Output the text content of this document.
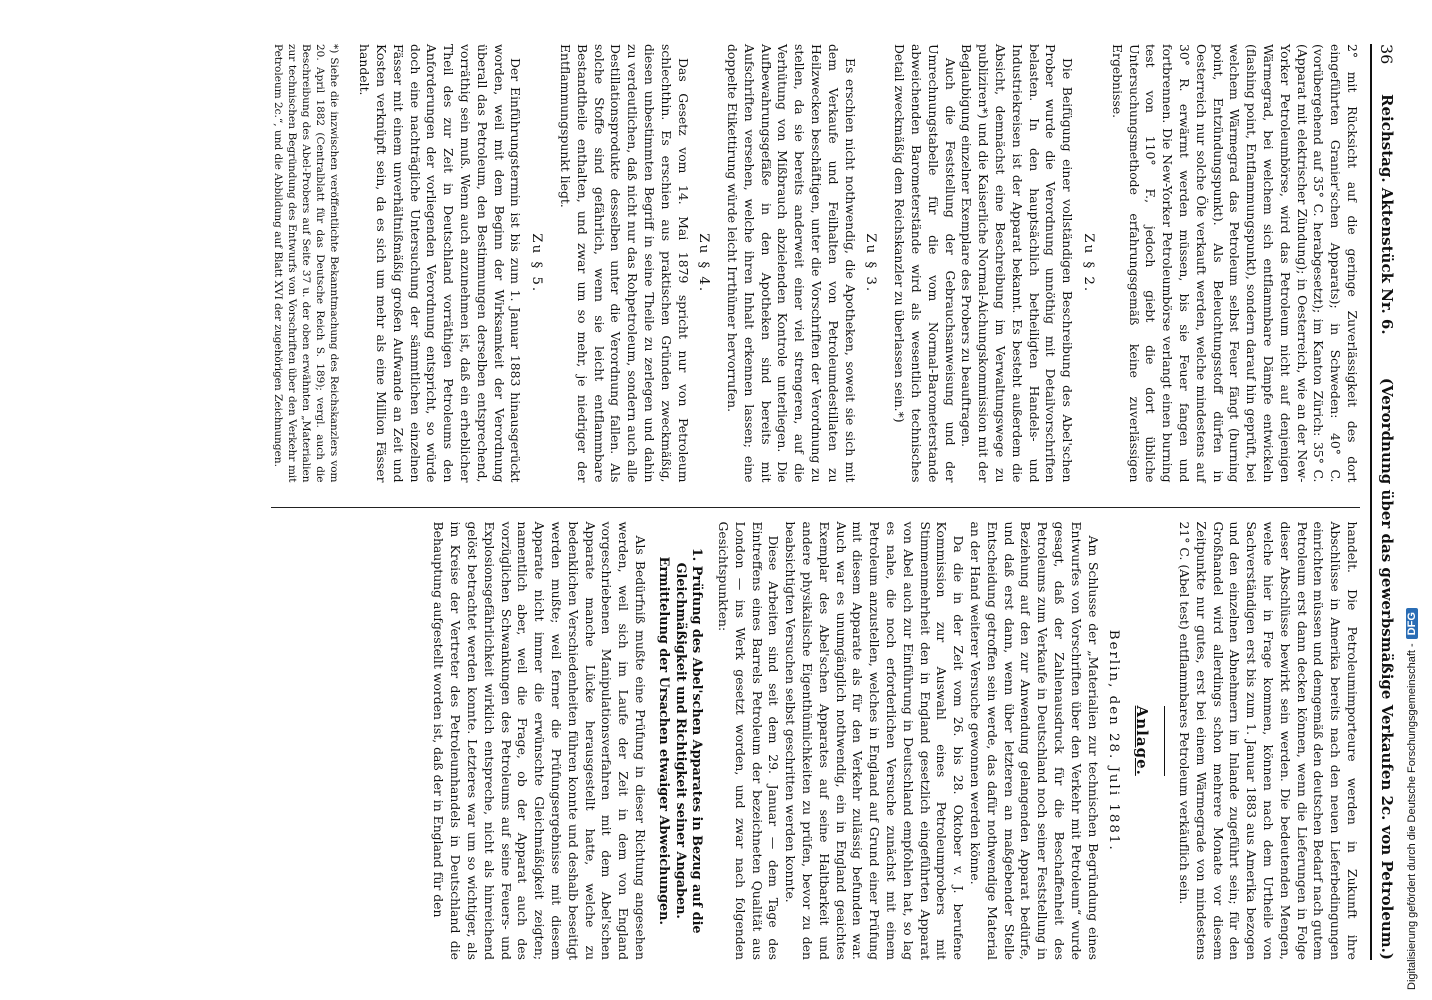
36
Reichstag. Aktenstück Nr. 6.
(Verordnung über das gewerbsmäßige Verkaufen 2c. von Petroleum.)

2° mit Rücksicht auf die geringe Zuverlässigkeit des dort eingeführten Granier'schen Apparats); in Schweden: 40° C. (vorübergehend auf 35° C. herabgesetzt); im Kanton Zürich: 35° C. (Apparat mit elektrischer Zündung); in Oesterreich, wie an der New-Yorker Petroleumbörse, wird das Petroleum nicht auf denjenigen Wärmegrad, bei welchem sich entflammbare Dämpfe entwickeln (flashing point, Entflammungspunkt), sondern darauf hin geprüft, bei welchem Wärmegrad das Petroleum selbst Feuer fängt (burning point, Entzündungspunkt). Als Beleuchtungsstoff dürfen in Oesterreich nur solche Öle verkauft werden, welche mindestens auf 30° R. erwärmt werden müssen, bis sie Feuer fangen und fortbrennen. Die New-Yorker Petroleumbörse verlangt einen burning test von 110° F., jedoch giebt die dort übliche Untersuchungsmethode erfahrungsgemäß keine zuverlässigen Ergebnisse.

Zu § 2.

Die Beifügung einer vollständigen Beschreibung des Abel'schen Prober wurde die Verordnung unnöthig mit Detailvorschriften belasten. In den hauptsächlich betheiligten Handels- und Industriekreisen ist der Apparat bekannt. Es besteht außerdem die Absicht, demnächst eine Beschreibung im Verwaltungswege zu publiziren*) und die Kaiserliche Normal-Aichungskommission mit der Beglaubigung einzelner Exemplare des Probers zu beauftragen.

Auch die Feststellung der Gebrauchsanweisung und der Umrechnungstabelle für die vom Normal-Barometerstande abweichenden Barometerstände wird als wesentlich technisches Detail zweckmäßig dem Reichskanzler zu überlassen sein.*)

Zu § 3.

Es erschien nicht nothwendig, die Apotheken, soweit sie sich mit dem Verkaufe und Feilhalten von Petroleumdestillaten zu Heilzwecken beschäftigen, unter die Vorschriften der Verordnung zu stellen, da sie bereits anderweit einer viel strengeren, auf die Verhütung von Mißbrauch abzielenden Kontrole unterliegen. Die Aufbewahrungsgefäße in den Apotheken sind bereits mit Aufschriften versehen, welche ihren Inhalt erkennen lassen; eine doppelte Etikettirung würde leicht Irrthümer hervorrufen.

Zu § 4.

Das Gesetz vom 14. Mai 1879 spricht nur von Petroleum schlechthin. Es erschien aus praktischen Gründen zweckmäßig, diesen unbestimmten Begriff in seine Theile zu zerlegen und dahin zu verdeutlichen, daß nicht nur das Rohpetroleum, sondern auch alle Destillationsprodukte desselben unter die Verordnung fallen. Als solche Stoffe sind gefährlich, wenn sie leicht entflammbare Bestandtheile enthalten, und zwar um so mehr, je niedriger der Entflammungspunkt liegt.

Zu § 5.

Der Einführungstermin ist bis zum 1. Januar 1883 hinausgerückt worden, weil mit dem Beginn der Wirksamkeit der Verordnung überall das Petroleum, den Bestimmungen derselben entsprechend, vorräthig sein muß. Wenn auch anzunehmen ist, daß ein erheblicher Theil des zur Zeit in Deutschland vorräthigen Petroleums den Anforderungen der vorliegenden Verordnung entspricht, so würde doch eine nachträgliche Untersuchung der sämmtlichen einzelnen Fässer mit einem unverhältnißmäßig großen Aufwande an Zeit und Kosten verknüpft sein, da es sich um mehr als eine Million Fässer handelt.

*) Siehe die inzwischen veröffentlichte Bekanntmachung des Reichskanzlers vom 20. April 1882 (Centralblatt für das Deutsche Reich S. 189); vergl. auch die Beschreibung des Abel-Probers auf Seite 37 u. der oben erwähnten „Materialien zur technischen Begründung des Entwurfs von Vorschriften über den Verkehr mit Petroleum 2c.“, und die Abbildung auf Blatt XVI der zugehörigen Zeichnungen.

handelt. Die Petroleumimporteure werden in Zukunft ihre Abschlüsse in Amerika bereits nach den neuen Lieferbedingungen einrichten müssen und demgemäß den deutschen Bedarf nach gutem Petroleum erst dann decken können, wenn die Lieferungen in Folge dieser Abschlüsse bewirkt sein werden. Die bedeutenden Mengen, welche hier in Frage kommen, können nach dem Urtheile von Sachverständigen erst bis zum 1. Januar 1883 aus Amerika bezogen und den einzelnen Abnehmern im Inlande zugeführt sein; für den Großhandel wird allerdings schon mehrere Monate vor diesem Zeitpunkte nur gutes, erst bei einem Wärmegrade von mindestens 21° C. (Abel test) entflammbares Petroleum verkäuflich sein.

Anlage.
Berlin, den 28. Juli 1881.

Am Schlusse der „Materialien zur technischen Begründung eines Entwurfes von Vorschriften über den Verkehr mit Petroleum“ wurde gesagt, daß der Zahlenausdruck für die Beschaffenheit des Petroleums zum Verkaufe in Deutschland noch seiner Feststellung in Beziehung auf den zur Anwendung gelangenden Apparat bedürfe, und daß erst dann, wenn über letzteren an maßgebender Stelle Entscheidung getroffen sein werde, das dafür nothwendige Material an der Hand weiterer Versuche gewonnen werden könne.

Da die in der Zeit vom 26. bis 28. Oktober v. J. berufene Kommission zur Auswahl eines Petroleumprobers mit Stimmenmehrheit den in England gesetzlich eingeführten Apparat von Abel auch zur Einführung in Deutschland empfohlen hat, so lag es nahe, die noch erforderlichen Versuche zunächst mit einem Petroleum anzustellen, welches in England auf Grund einer Prüfung mit diesem Apparate als für den Verkehr zulässig befunden war. Auch war es unumgänglich nothwendig, ein in England geaichtes Exemplar des Abel'schen Apparates auf seine Haltbarkeit und andere physikalische Eigenthümlichkeiten zu prüfen, bevor zu den beabsichtigten Versuchen selbst geschritten werden konnte.

Diese Arbeiten sind seit dem 29. Januar — dem Tage des Eintreffens eines Barrels Petroleum der bezeichneten Qualität aus London — ins Werk gesetzt worden, und zwar nach folgenden Gesichtspunkten:

1. Prüfung des Abel'schen Apparates in Bezug auf die Gleichmäßigkeit und Richtigkeit seiner Angaben. Ermittelung der Ursachen etwaiger Abweichungen.

Als Bedürfniß mußte eine Prüfung in dieser Richtung angesehen werden, weil sich im Laufe der Zeit in dem von England vorgeschriebenen Manipulationsverfahren mit dem Abel'schen Apparate manche Lücke herausgestellt hatte, welche zu bedenklichen Verschiedenheiten führen konnte und deshalb beseitigt werden mußte; weil ferner die Prüfungsergebnisse mit diesem Apparate nicht immer die erwünschte Gleichmäßigkeit zeigten; namentlich aber, weil die Frage, ob der Apparat auch des vorzüglichen Schwankungen des Petroleums auf seine Feuers- und Explosionsgefährlichkeit wirklich entspreche, nicht als hinreichend gelöst betrachtet werden konnte. Letzteres war um so wichtiger, als im Kreise der Vertreter des Petroleumhandels in Deutschland die Behauptung aufgestellt worden ist, daß der in England für den	Digitalisierung gefördert durch die Deutsche Forschungsgemeinschaft -DFG
